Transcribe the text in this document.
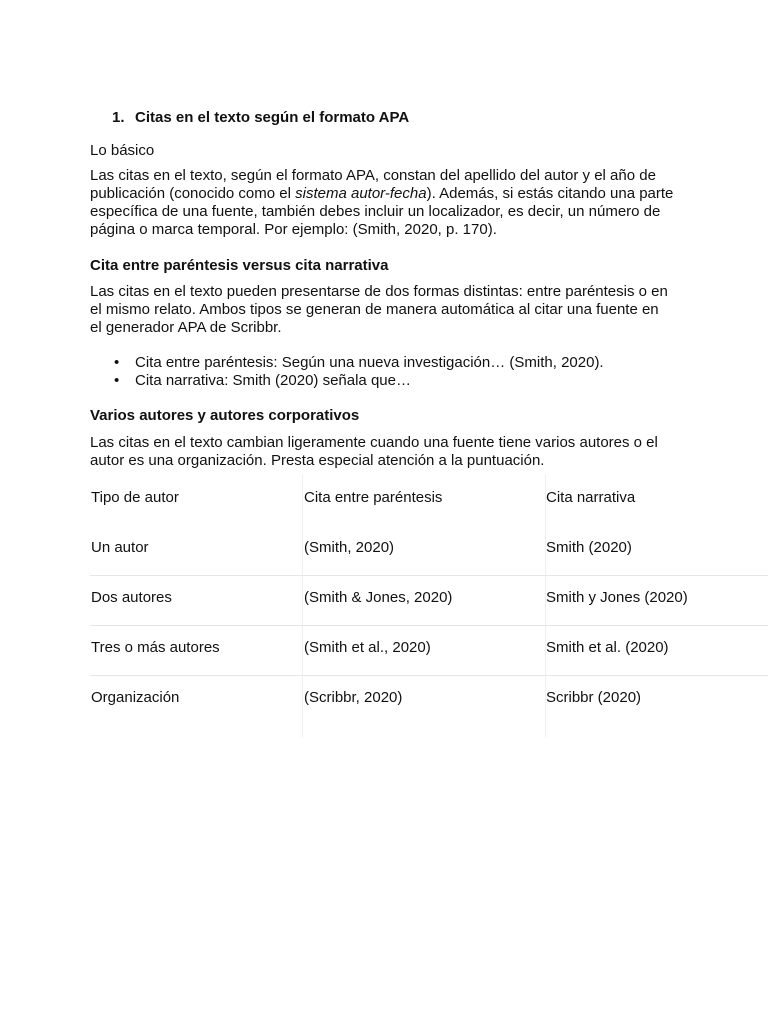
1. Citas en el texto según el formato APA
Lo básico
Las citas en el texto, según el formato APA, constan del apellido del autor y el año de
publicación (conocido como el sistema autor-fecha). Además, si estás citando una parte
específica de una fuente, también debes incluir un localizador, es decir, un número de
página o marca temporal. Por ejemplo: (Smith, 2020, p. 170).
Cita entre paréntesis versus cita narrativa
Las citas en el texto pueden presentarse de dos formas distintas: entre paréntesis o en
el mismo relato. Ambos tipos se generan de manera automática al citar una fuente en
el generador APA de Scribbr.
• Cita entre paréntesis: Según una nueva investigación… (Smith, 2020).
• Cita narrativa: Smith (2020) señala que…
Varios autores y autores corporativos
Las citas en el texto cambian ligeramente cuando una fuente tiene varios autores o el
autor es una organización. Presta especial atención a la puntuación.
Tipo de autor	Cita entre paréntesis	Cita narrativa
Un autor	(Smith, 2020)	Smith (2020)
Dos autores	(Smith & Jones, 2020)	Smith y Jones (2020)
Tres o más autores	(Smith et al., 2020)	Smith et al. (2020)
Organización	(Scribbr, 2020)	Scribbr (2020)
